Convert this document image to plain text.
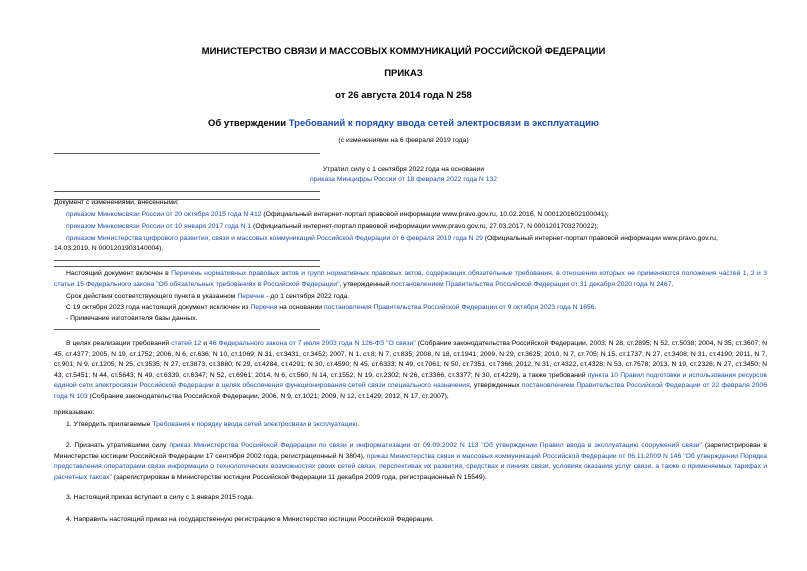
МИНИСТЕРСТВО СВЯЗИ И МАССОВЫХ КОММУНИКАЦИЙ РОССИЙСКОЙ ФЕДЕРАЦИИ
ПРИКАЗ
от 26 августа 2014 года N 258
Об утверждении Требований к порядку ввода сетей электросвязи в эксплуатацию
(с изменениями на 6 февраля 2019 года)
Утратил силу с 1 сентября 2022 года на основании
приказа Минцифры России от 18 февраля 2022 года N 132
Документ с изменениями, внесенными:
приказом Минкомсвязи России от 20 октября 2015 года N 412 (Официальный интернет-портал правовой информации www.pravo.gov.ru, 10.02.2016, N 0001201602100041);
приказом Минкомсвязи России от 10 января 2017 года N 1 (Официальный интернет-портал правовой информации www.pravo.gov.ru, 27.03.2017, N 0001201703270022);
приказом Министерства цифрового развития, связи и массовых коммуникаций Российской Федерации от 6 февраля 2019 года N 29 (Официальный интернет-портал правовой информации www.pravo.gov.ru,
14.03.2019, N 0001201903140004).
Настоящий документ включен в Перечень нормативных правовых актов и групп нормативных правовых актов, содержащих обязательные требования, в отношении которых не применяются положения частей 1, 2 и 3 статьи 15 Федерального закона "Об обязательных требованиях в Российской Федерации", утвержденный постановлением Правительства Российской Федерации от 31 декабря 2020 года N 2467.
Срок действия соответствующего пункта в указанном Перечне - до 1 сентября 2022 года.
С 19 октября 2023 года настоящий документ исключен из Перечня на основании постановления Правительства Российской Федерации от 9 октября 2023 года N 1656.
- Примечание изготовителя базы данных.
В целях реализации требований статей 12 и 46 Федерального закона от 7 июля 2003 года N 126-ФЗ "О связи" (Собрание законодательства Российской Федерации, 2003, N 28, ст.2895; N 52, ст.5038; 2004, N 35, ст.3607; N 45, ст.4377; 2005, N 19, ст.1752; 2006, N 6, ст.636; N 10, ст.1069; N 31, ст.3431, ст.3452; 2007, N 1, ст.8; N 7, ст.835; 2008, N 18, ст.1941; 2009, N 29, ст.3625; 2010, N 7, ст.705; N 15, ст.1737; N 27, ст.3408; N 31, ст.4190; 2011, N 7, ст.901; N 9, ст.1205; N 25, ст.3535; N 27, ст.3873, ст.3880; N 29, ст.4284, ст.4291; N 30, ст.4590; N 45, ст.6333; N 49, ст.7061; N 50, ст.7351, ст.7366; 2012, N 31, ст.4322, ст.4328; N 53, ст.7578; 2013, N 19, ст.2326; N 27, ст.3450; N 43, ст.5451; N 44, ст.5643; N 49, ст.6339, ст.6347; N 52, ст.6961; 2014, N 6, ст.560; N 14, ст.1552; N 19, ст.2302; N 26, ст.3366, ст.3377; N 30, ст.4229), а также требований пункта 10 Правил подготовки и использования ресурсов единой сети электросвязи Российской Федерации в целях обеспечения функционирования сетей связи специального назначения, утвержденных постановлением Правительства Российской Федерации от 22 февраля 2006 года N 103 (Собрание законодательства Российской Федерации, 2006, N 9, ст.1021; 2009, N 12, ст.1429; 2012, N 17, ст.2007),
приказываю:
1. Утвердить прилагаемые Требования к порядку ввода сетей электросвязи в эксплуатацию.
2. Признать утратившими силу приказ Министерства Российской Федерации по связи и информатизации от 09.09.2002 N 113 "Об утверждении Правил ввода в эксплуатацию сооружений связи" (зарегистрирован в Министерстве юстиции Российской Федерации 17 сентября 2002 года, регистрационный N 3804), приказ Министерства связи и массовых коммуникаций Российской Федерации от 06.11.2009 N 146 "Об утверждении Порядка представления операторами связи информации о технологических возможностях своих сетей связи, перспективах их развития, средствах и линиях связи, условиях оказания услуг связи, а также о применяемых тарифах и расчетных таксах" (зарегистрирован в Министерстве юстиции Российской Федерации 11 декабря 2009 года, регистрационный N 15549).
3. Настоящий приказ вступает в силу с 1 января 2015 года.
4. Направить настоящий приказ на государственную регистрацию в Министерство юстиции Российской Федерации.
